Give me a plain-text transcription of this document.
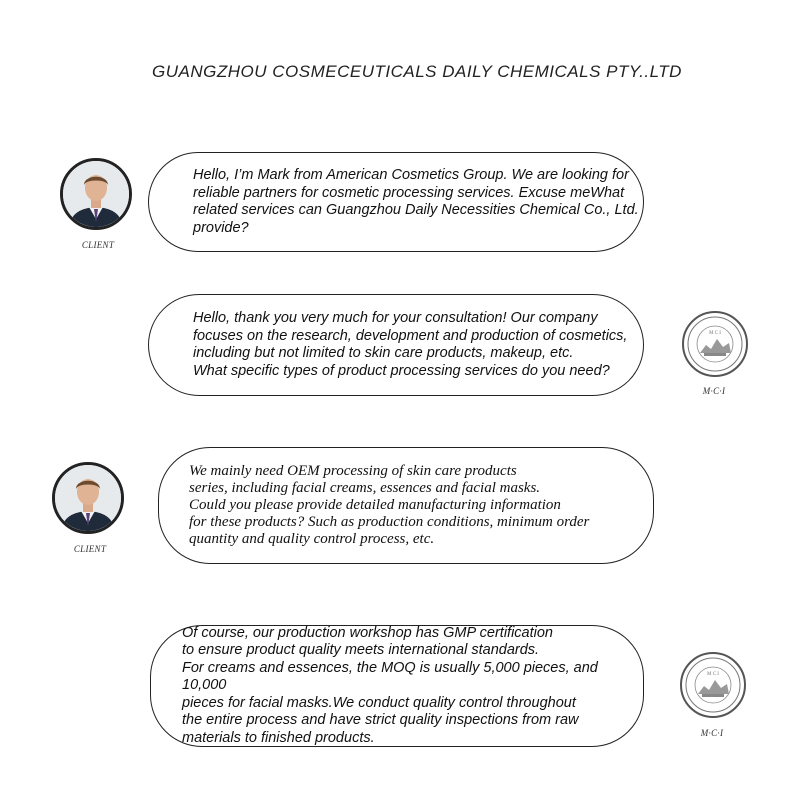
GUANGZHOU COSMECEUTICALS DAILY CHEMICALS PTY..LTD
CLIENT
Hello, I’m Mark from American Cosmetics Group. We are looking for
reliable partners for cosmetic processing services. Excuse meWhat
related services can Guangzhou Daily Necessities Chemical Co., Ltd.
provide?
Hello, thank you very much for your consultation! Our company
focuses on the research, development and production of cosmetics,
including but not limited to skin care products, makeup, etc.
What specific types of product processing services do you need?
M C I
M·C·I
CLIENT
We mainly need OEM processing of skin care products
series, including facial creams, essences and facial masks.
Could you please provide detailed manufacturing information
for these products? Such as production conditions, minimum order
quantity and quality control process, etc.
Of course, our production workshop has GMP certification
to ensure product quality meets international standards.
For creams and essences, the MOQ is usually 5,000 pieces, and 10,000
pieces for facial masks.We conduct quality control throughout
the entire process and have strict quality inspections from raw
materials to finished products.
M C I
M·C·I
